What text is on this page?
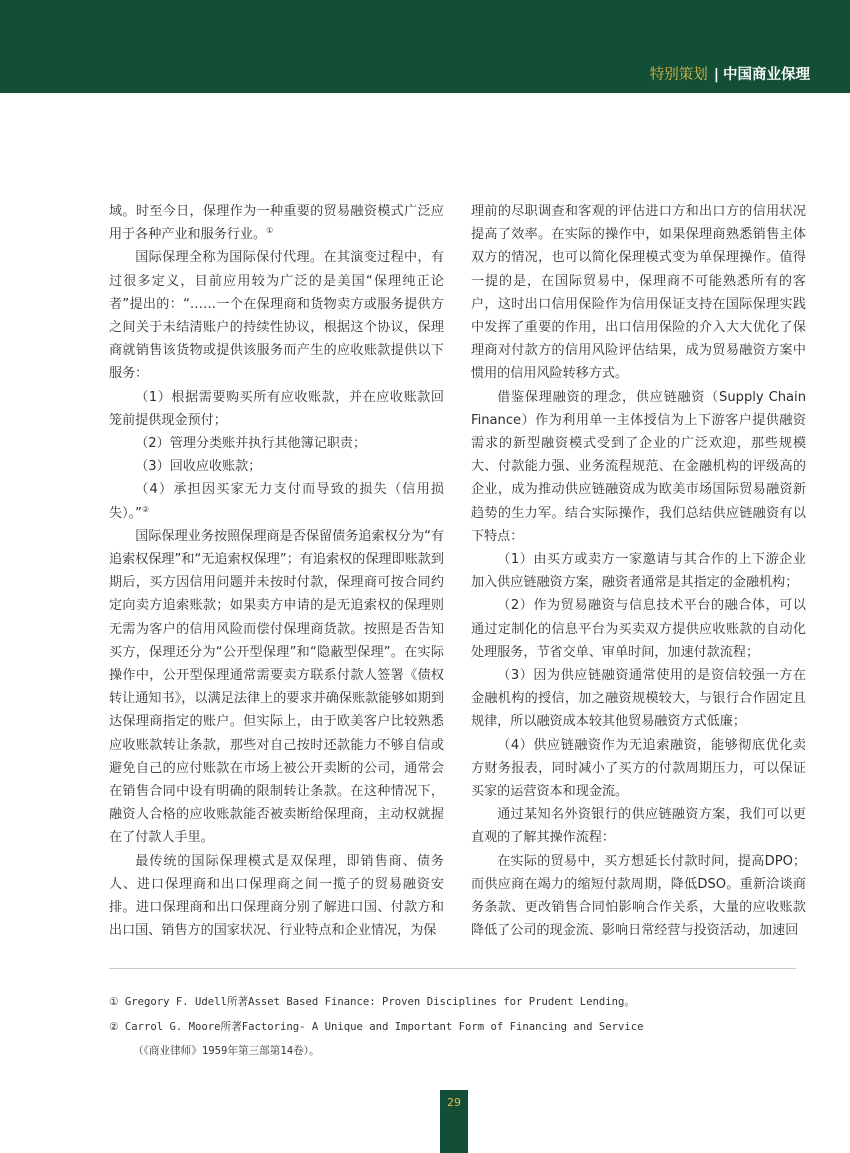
特别策划 | 中国商业保理

域。时至今日，保理作为一种重要的贸易融资模式广泛应用于各种产业和服务行业。①

国际保理全称为国际保付代理。在其演变过程中，有过很多定义，目前应用较为广泛的是美国“保理纯正论者”提出的：“……一个在保理商和货物卖方或服务提供方之间关于未结清账户的持续性协议，根据这个协议，保理商就销售该货物或提供该服务而产生的应收账款提供以下服务：

（1）根据需要购买所有应收账款，并在应收账款回笼前提供现金预付；

（2）管理分类账并执行其他簿记职责；

（3）回收应收账款；

（4）承担因买家无力支付而导致的损失（信用损失）。”②

国际保理业务按照保理商是否保留债务追索权分为“有追索权保理”和“无追索权保理”；有追索权的保理即账款到期后，买方因信用问题并未按时付款，保理商可按合同约定向卖方追索账款；如果卖方申请的是无追索权的保理则无需为客户的信用风险而偿付保理商货款。按照是否告知买方，保理还分为“公开型保理”和“隐蔽型保理”。在实际操作中，公开型保理通常需要卖方联系付款人签署《债权转让通知书》，以满足法律上的要求并确保账款能够如期到达保理商指定的账户。但实际上，由于欧美客户比较熟悉应收账款转让条款，那些对自己按时还款能力不够自信或避免自己的应付账款在市场上被公开卖断的公司，通常会在销售合同中设有明确的限制转让条款。在这种情况下，融资人合格的应收账款能否被卖断给保理商，主动权就握在了付款人手里。

最传统的国际保理模式是双保理，即销售商、债务人、进口保理商和出口保理商之间一揽子的贸易融资安排。进口保理商和出口保理商分别了解进口国、付款方和出口国、销售方的国家状况、行业特点和企业情况，为保

理前的尽职调查和客观的评估进口方和出口方的信用状况提高了效率。在实际的操作中，如果保理商熟悉销售主体双方的情况，也可以简化保理模式变为单保理操作。值得一提的是，在国际贸易中，保理商不可能熟悉所有的客户，这时出口信用保险作为信用保证支持在国际保理实践中发挥了重要的作用，出口信用保险的介入大大优化了保理商对付款方的信用风险评估结果，成为贸易融资方案中惯用的信用风险转移方式。

借鉴保理融资的理念，供应链融资（Supply Chain Finance）作为利用单一主体授信为上下游客户提供融资需求的新型融资模式受到了企业的广泛欢迎，那些规模大、付款能力强、业务流程规范、在金融机构的评级高的企业，成为推动供应链融资成为欧美市场国际贸易融资新趋势的生力军。结合实际操作，我们总结供应链融资有以下特点：

（1）由买方或卖方一家邀请与其合作的上下游企业加入供应链融资方案，融资者通常是其指定的金融机构；

（2）作为贸易融资与信息技术平台的融合体，可以通过定制化的信息平台为买卖双方提供应收账款的自动化处理服务，节省交单、审单时间，加速付款流程；

（3）因为供应链融资通常使用的是资信较强一方在金融机构的授信，加之融资规模较大，与银行合作固定且规律，所以融资成本较其他贸易融资方式低廉；

（4）供应链融资作为无追索融资，能够彻底优化卖方财务报表，同时减小了买方的付款周期压力，可以保证买家的运营资本和现金流。

通过某知名外资银行的供应链融资方案，我们可以更直观的了解其操作流程：

在实际的贸易中，买方想延长付款时间，提高DPO；而供应商在竭力的缩短付款周期，降低DSO。重新洽谈商务条款、更改销售合同怕影响合作关系，大量的应收账款降低了公司的现金流、影响日常经营与投资活动，加速回

① Gregory F. Udell所著Asset Based Finance: Proven Disciplines for Prudent Lending。
② Carrol G. Moore所著Factoring- A Unique and Important Form of Financing and Service
（《商业律师》1959年第三部第14卷）。
29
